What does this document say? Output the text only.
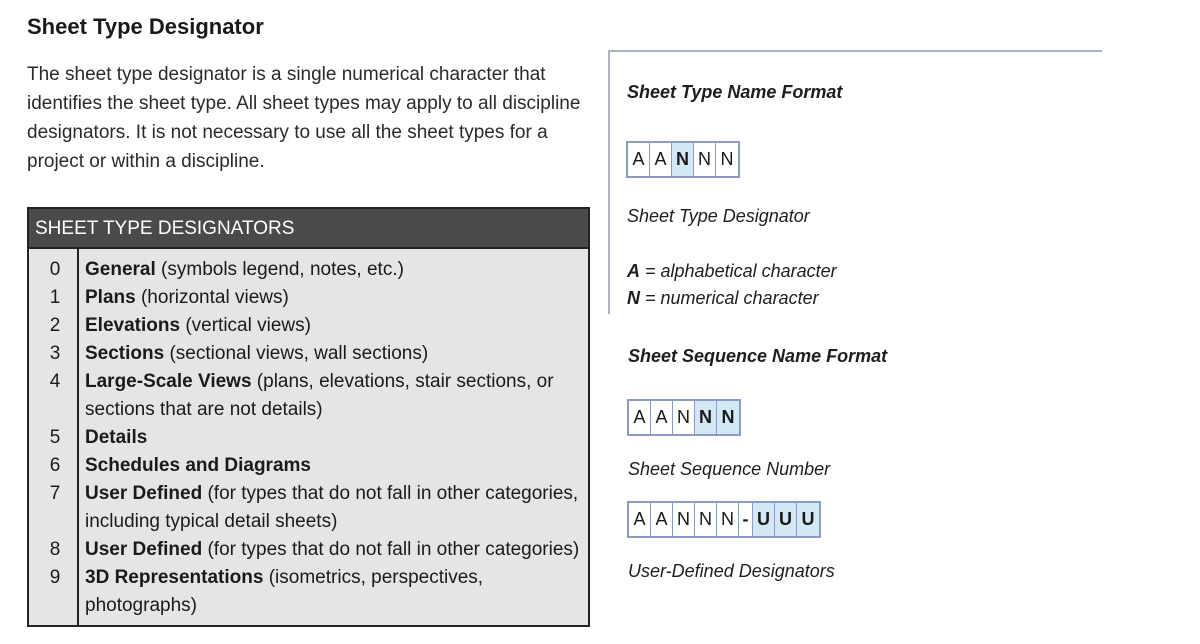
Sheet Type Designator
The sheet type designator is a single numerical character that identifies the sheet type. All sheet types may apply to all discipline designators. It is not necessary to use all the sheet types for a project or within a discipline.
SHEET TYPE DESIGNATORS
0	General (symbols legend, notes, etc.)
1	Plans (horizontal views)
2	Elevations (vertical views)
3	Sections (sectional views, wall sections)
4	Large-Scale Views (plans, elevations, stair sections, or
sections that are not details)
5	Details
6	Schedules and Diagrams
7	User Defined (for types that do not fall in other categories,
including typical detail sheets)
8	User Defined (for types that do not fall in other categories)
9	3D Representations (isometrics, perspectives,
photographs)
Sheet Type Name Format
A A N N N
Sheet Type Designator
A = alphabetical character
N = numerical character
Sheet Sequence Name Format
A A N N N
Sheet Sequence Number
A A N N N - U U U
User-Defined Designators
